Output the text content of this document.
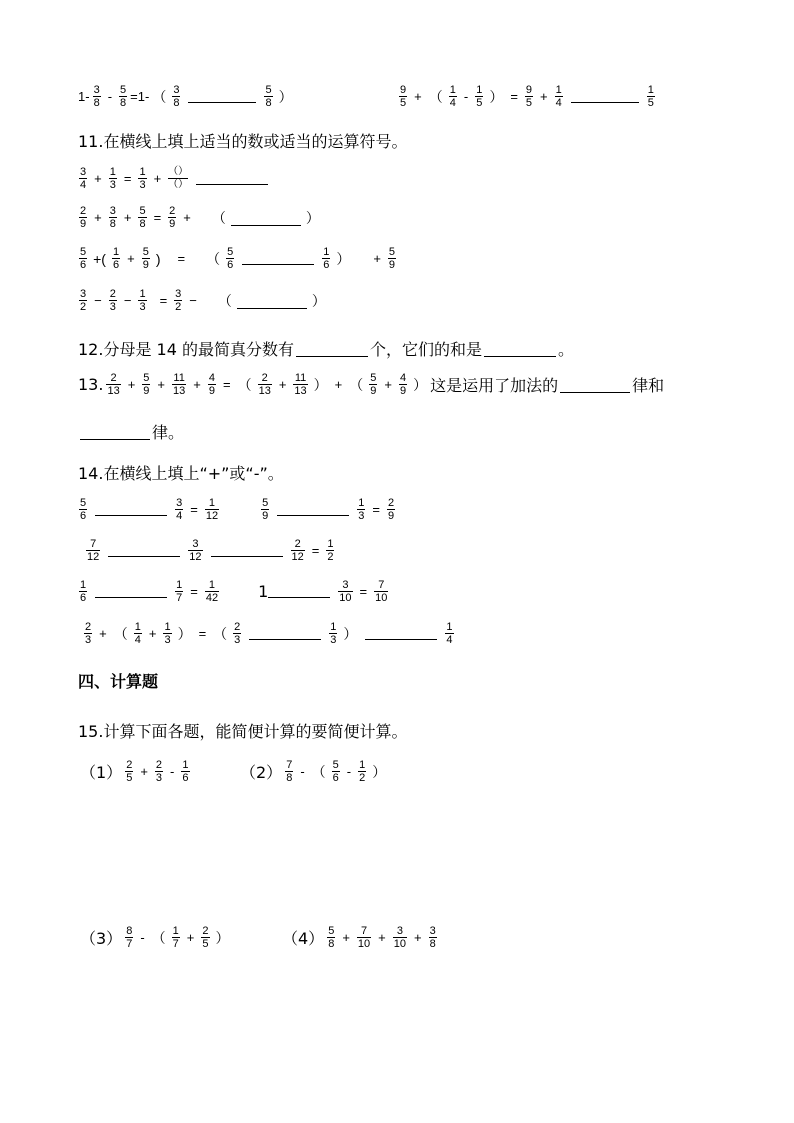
$1- \frac{3}{8} - \frac{5}{8} =1-$ （ $\frac{3}{8}$	$\frac{5}{8}$ ）	$\frac{9}{5}$ + （ $\frac{1}{4} - \frac{1}{5}$ ） = $\frac{9}{5} + \frac{1}{4}$	$\frac{1}{5}$
11.在横线上填上适当的数或适当的运算符号。
$\frac{3}{4} + \frac{1}{3} = \frac{1}{3}$ + （）
（）
$\frac{2}{9} + \frac{3}{8} + \frac{5}{8} = \frac{2}{9}$ + （	）
$\frac{5}{6}$ +( $\frac{1}{6} + \frac{5}{9}$ ) = （ $\frac{5}{6}$	$\frac{1}{6}$ ） + $\frac{5}{9}$
$\frac{3}{2} - \frac{2}{3} - \frac{1}{3} = \frac{3}{2}$ − （	）
12.分母是 14 的最简真分数有	个，它们的和是	。
13. $\frac{2}{13} + \frac{5}{9} + \frac{11}{13} + \frac{4}{9}$ = （ $\frac{2}{13} + \frac{11}{13}$ ） + （ $\frac{5}{9} + \frac{4}{9}$ ） 这是运用了加法的	律和
律。
14.在横线上填上“+”或“-”。
$\frac{5}{6}$	$\frac{3}{4} = \frac{1}{12}$	$\frac{5}{9}$	$\frac{1}{3} = \frac{2}{9}$
$\frac{7}{12}$	$\frac{3}{12}$	$\frac{2}{12} = \frac{1}{2}$
$\frac{1}{6}$	$\frac{1}{7} = \frac{1}{42} 1$	$\frac{3}{10} = \frac{7}{10}$
$\frac{2}{3}$ + （ $\frac{1}{4} + \frac{1}{3}$ ） = （ $\frac{2}{3}$	$\frac{1}{3}$ ）	$\frac{1}{4}$
四、计算题
15.计算下面各题，能简便计算的要简便计算。
$(1) \frac{2}{5} + \frac{2}{3} - \frac{1}{6}$	$(2) \frac{7}{8}$ - （ $\frac{5}{6} - \frac{1}{2}$ ）
$(3) \frac{8}{7}$ - （ $\frac{1}{7} + \frac{2}{5}$ ）	$(4) \frac{5}{8} + \frac{7}{10} + \frac{3}{10} + \frac{3}{8}$
